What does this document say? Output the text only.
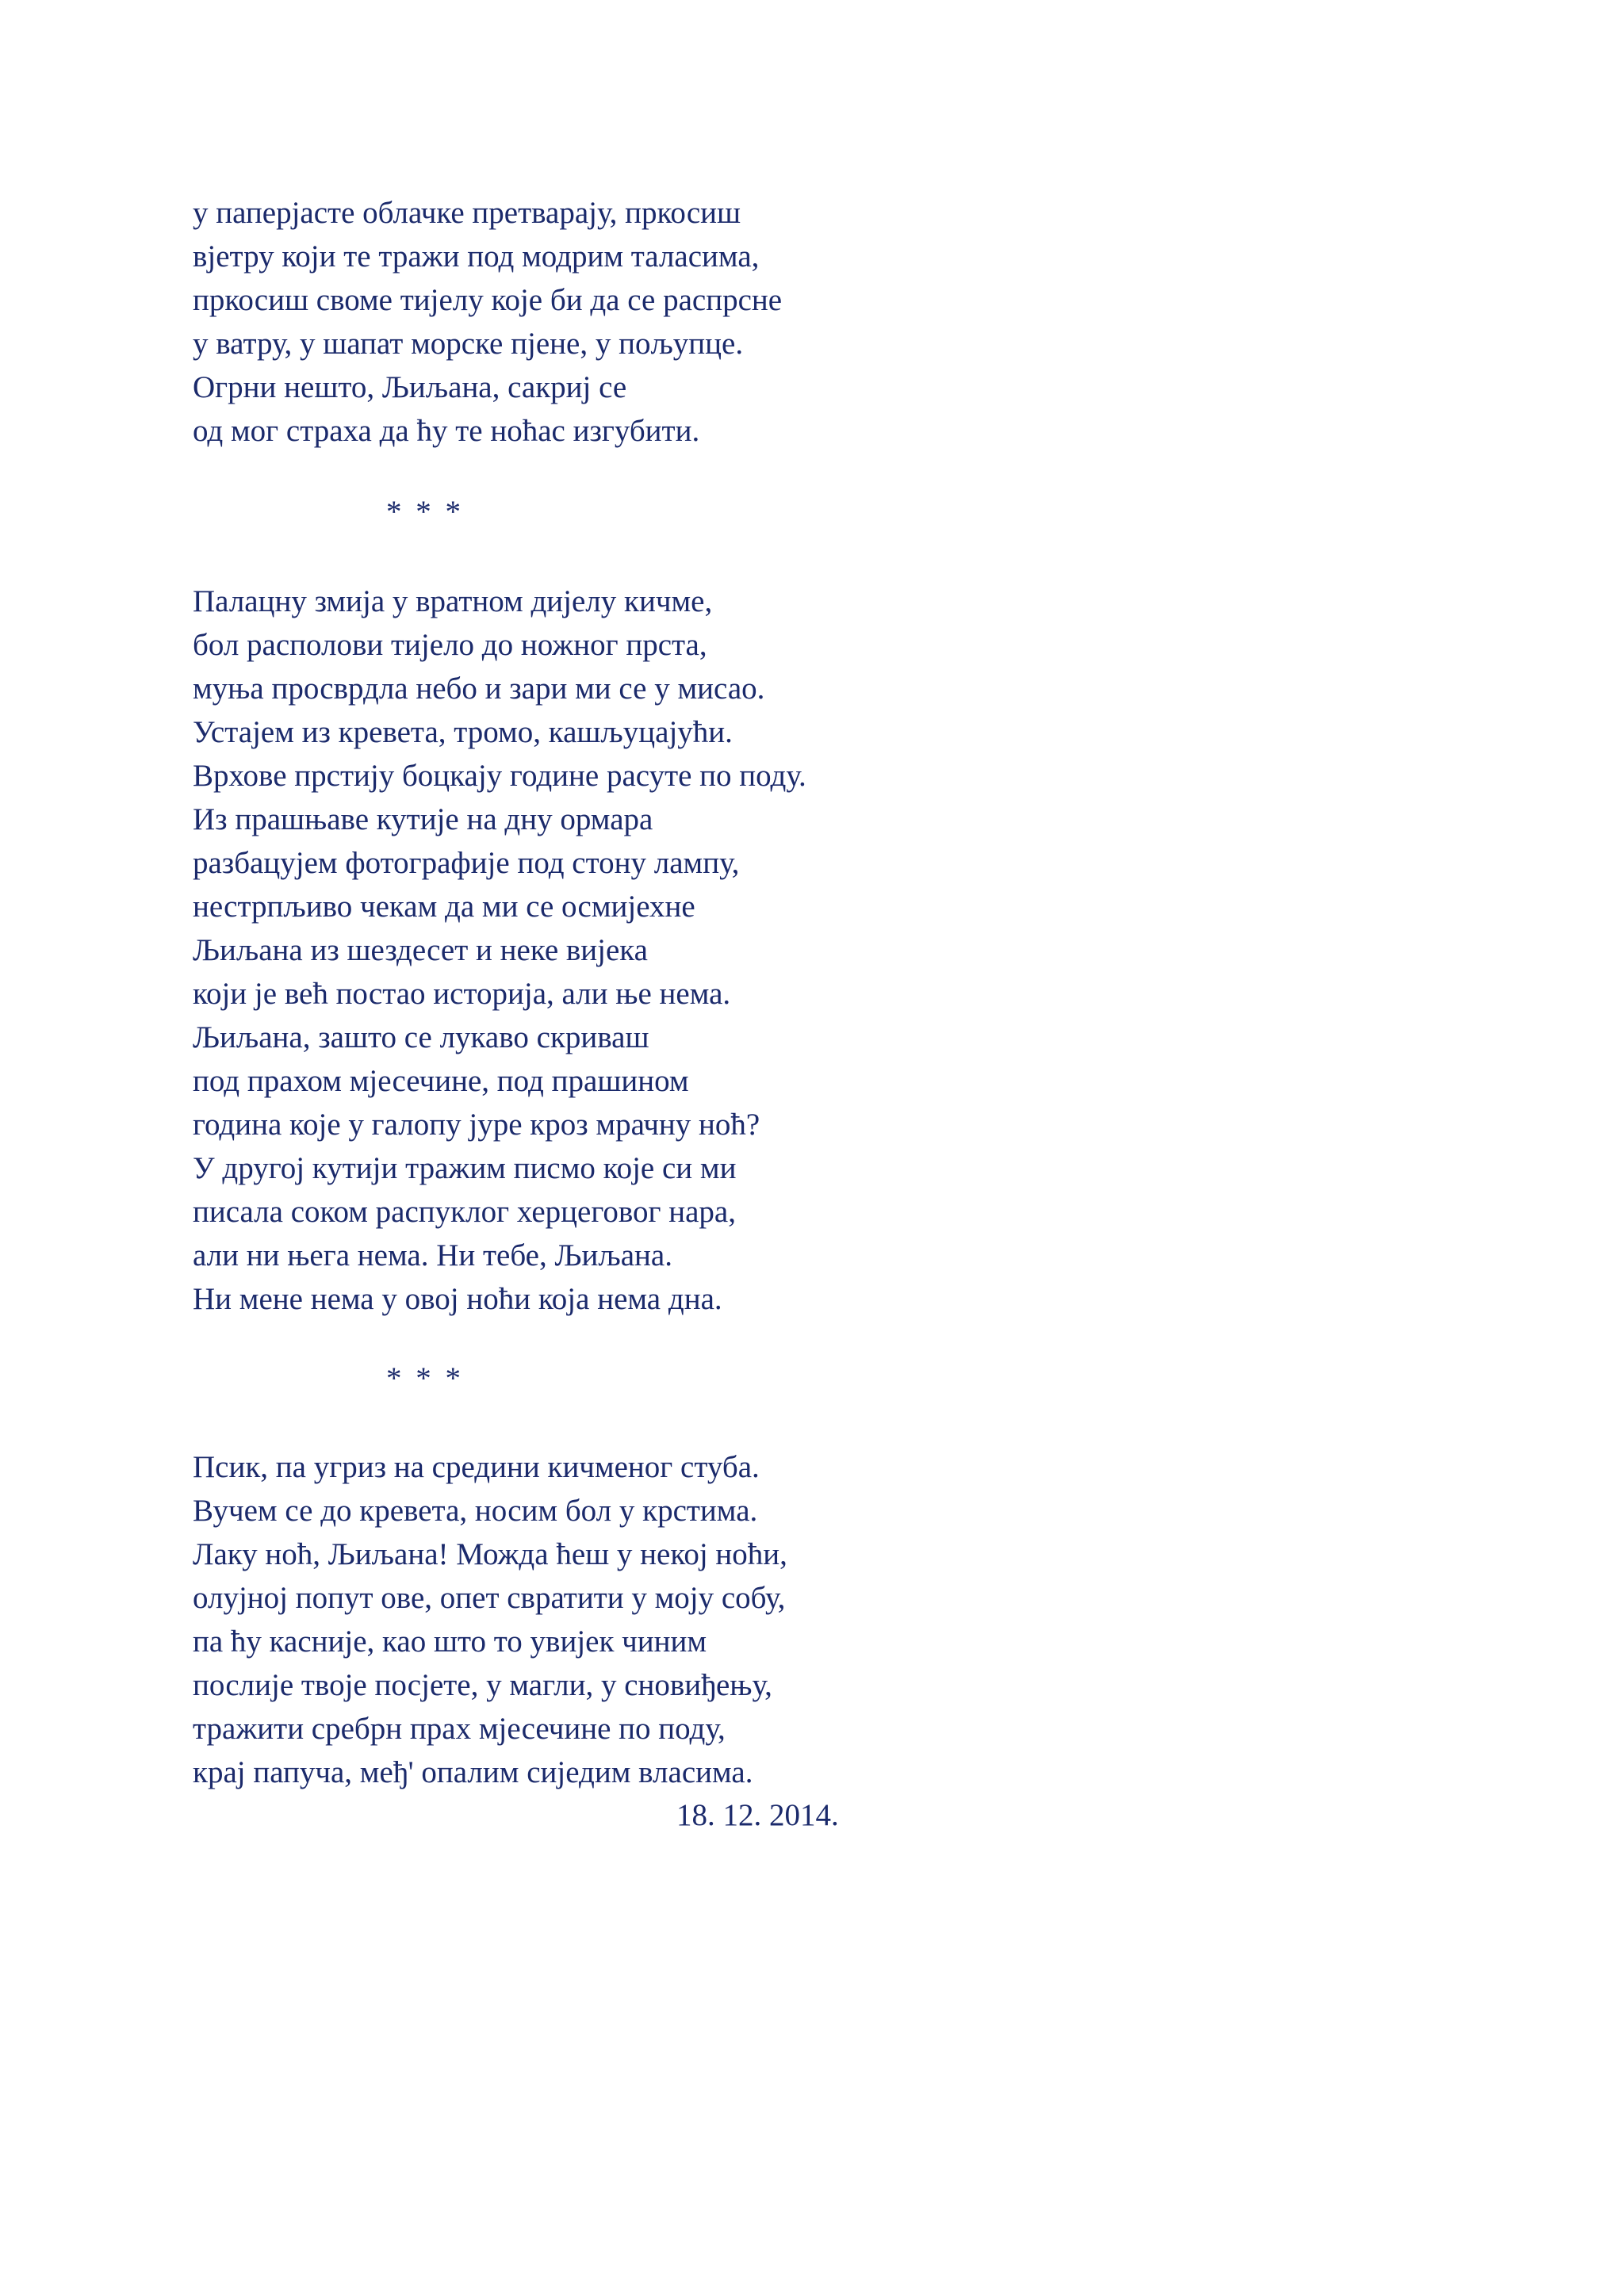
у паперјасте облачке претварају, пркосиш
вјетру који те тражи под модрим таласима,
пркосиш своме тијелу које би да се распрсне
у ватру, у шапат морске пјене, у пољупце.
Огрни нешто, Љиљана, сакриј се
од мог страха да ћу те ноћас изгубити.
* * *
Палацну змија у вратном дијелу кичме,
бол располови тијело до ножног прста,
муња просврдла небо и зари ми се у мисао.
Устајем из кревета, тромо, кашљуцајући.
Врхове прстију боцкају године расуте по поду.
Из прашњаве кутије на дну ормара
разбацујем фотографије под стону лампу,
нестрпљиво чекам да ми се осмијехне
Љиљана из шездесет и неке вијека
који је већ постао историја, али ње нема.
Љиљана, зашто се лукаво скриваш
под прахом мјесечине, под прашином
година које у галопу јуре кроз мрачну ноћ?
У другој кутији тражим писмо које си ми
писала соком распуклог херцеговог нара,
али ни њега нема. Ни тебе, Љиљана.
Ни мене нема у овој ноћи која нема дна.
* * *
Псик, па угриз на средини кичменог стуба.
Вучем се до кревета, носим бол у крстима.
Лаку ноћ, Љиљана! Можда ћеш у некој ноћи,
олујној попут ове, опет свратити у моју собу,
па ћу касније, као што то увијек чиним
послије твоје посјете, у магли, у сновиђењу,
тражити сребрн прах мјесечине по поду,
крај папуча, међ' опалим сиједим власима.
18. 12. 2014.
